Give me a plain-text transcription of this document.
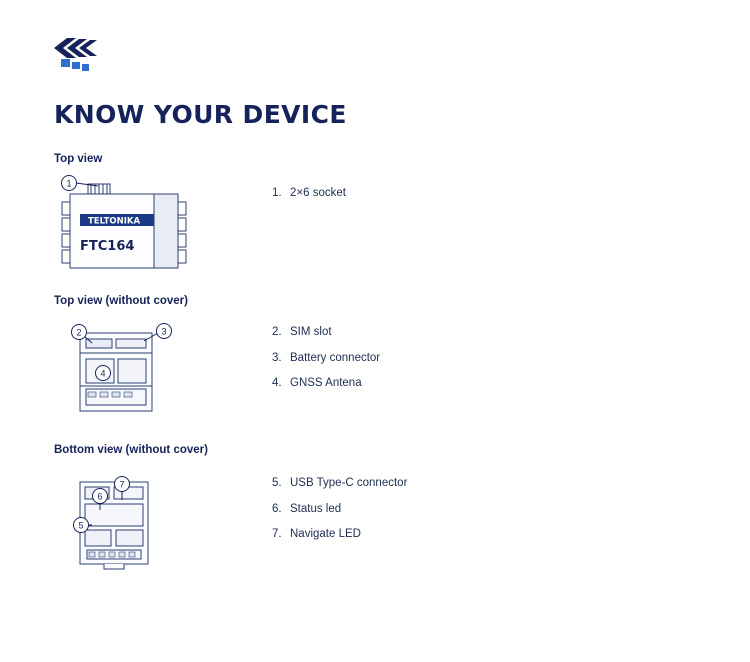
KNOW YOUR DEVICE
Top view
TELTONIKA
FTC164
1
1. 2×6 socket
Top view (without cover)
2	3
4
2. SIM slot
3. Battery connector
4. GNSS Antena
Bottom view (without cover)
7
6
5
5. USB Type-C connector
6. Status led
7. Navigate LED
